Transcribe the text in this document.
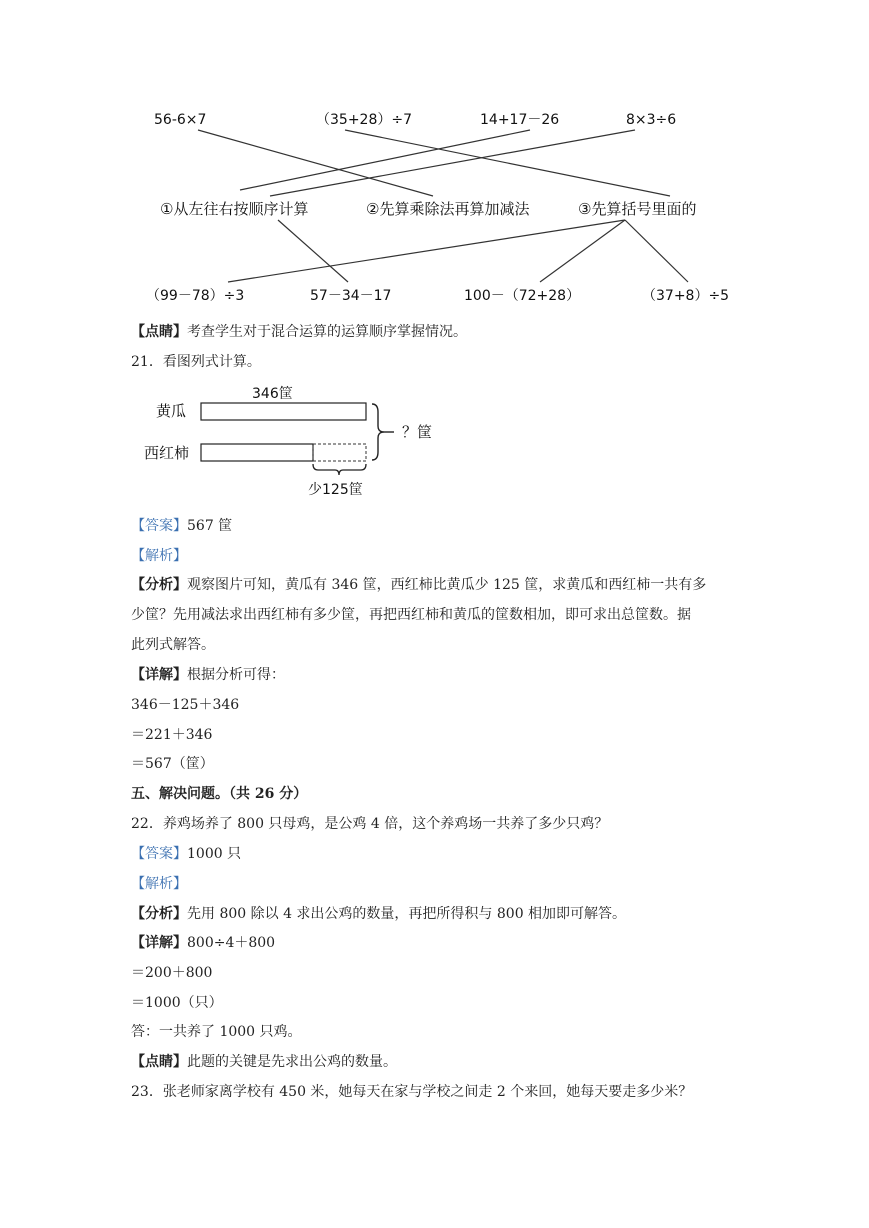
56-6×7	（35+28）÷7	14+17－26	8×3÷6
①从左往右按顺序计算	②先算乘除法再算加减法	③先算括号里面的
（99－78）÷3	57－34－17	100－（72+28）	（37+8）÷5
【点睛】考查学生对于混合运算的运算顺序掌握情况。
21．看图列式计算。
346筐
黄瓜
西红柿
？筐
少125筐
【答案】567 筐
【解析】
【分析】观察图片可知，黄瓜有 346 筐，西红柿比黄瓜少 125 筐，求黄瓜和西红柿一共有多
少筐？先用减法求出西红柿有多少筐，再把西红柿和黄瓜的筐数相加，即可求出总筐数。据
此列式解答。
【详解】根据分析可得：
346－125＋346
＝221＋346
＝567（筐）
五、解决问题。（共 26 分）
22．养鸡场养了 800 只母鸡，是公鸡 4 倍，这个养鸡场一共养了多少只鸡？
【答案】1000 只
【解析】
【分析】先用 800 除以 4 求出公鸡的数量，再把所得积与 800 相加即可解答。
【详解】800÷4＋800
＝200＋800
＝1000（只）
答：一共养了 1000 只鸡。
【点睛】此题的关键是先求出公鸡的数量。
23．张老师家离学校有 450 米，她每天在家与学校之间走 2 个来回，她每天要走多少米？
